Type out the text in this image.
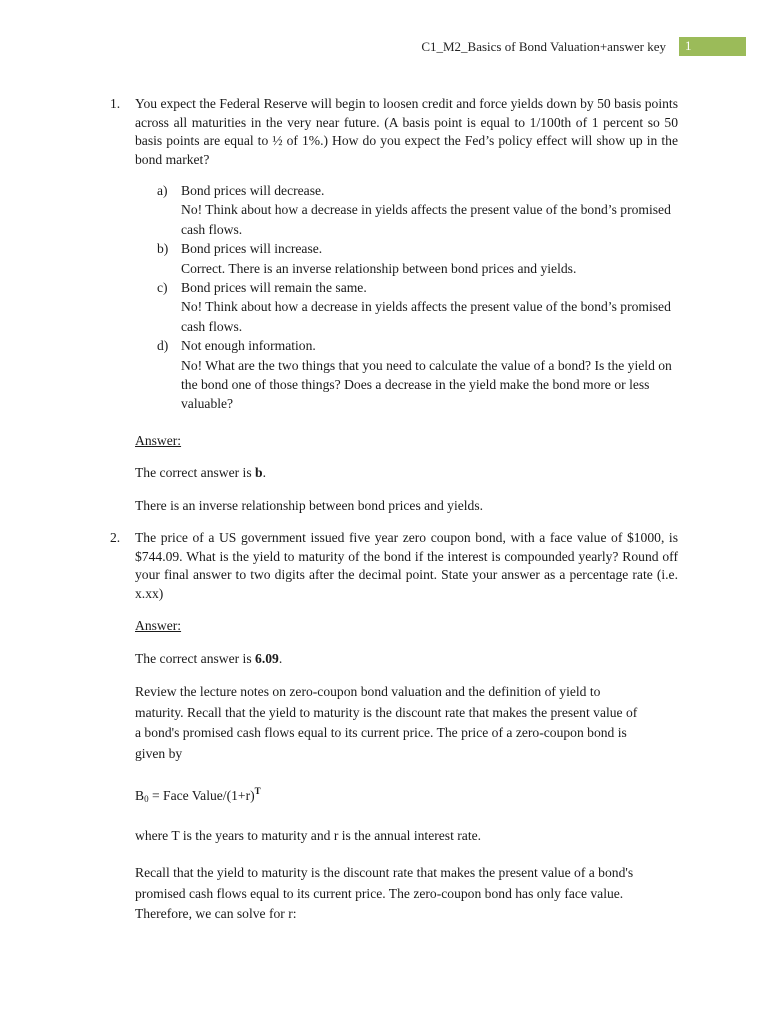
C1_M2_Basics of Bond Valuation+answer key	1
1. You expect the Federal Reserve will begin to loosen credit and force yields down by 50 basis points across all maturities in the very near future. (A basis point is equal to 1/100th of 1 percent so 50 basis points are equal to ½ of 1%.) How do you expect the Fed’s policy effect will show up in the bond market?
a) Bond prices will decrease.
No! Think about how a decrease in yields affects the present value of the bond’s promised cash flows.
b) Bond prices will increase.
Correct. There is an inverse relationship between bond prices and yields.
c) Bond prices will remain the same.
No! Think about how a decrease in yields affects the present value of the bond’s promised cash flows.
d) Not enough information.
No! What are the two things that you need to calculate the value of a bond? Is the yield on the bond one of those things? Does a decrease in the yield make the bond more or less valuable?
Answer:
The correct answer is b.
There is an inverse relationship between bond prices and yields.
2. The price of a US government issued five year zero coupon bond, with a face value of $1000, is $744.09. What is the yield to maturity of the bond if the interest is compounded yearly? Round off your final answer to two digits after the decimal point. State your answer as a percentage rate (i.e. x.xx)
Answer:
The correct answer is 6.09.
Review the lecture notes on zero-coupon bond valuation and the definition of yield to maturity. Recall that the yield to maturity is the discount rate that makes the present value of a bond's promised cash flows equal to its current price. The price of a zero-coupon bond is given by
$B_0$ = Face Value/$(1+r)^T$
where T is the years to maturity and r is the annual interest rate.
Recall that the yield to maturity is the discount rate that makes the present value of a bond's promised cash flows equal to its current price. The zero-coupon bond has only face value. Therefore, we can solve for r:
